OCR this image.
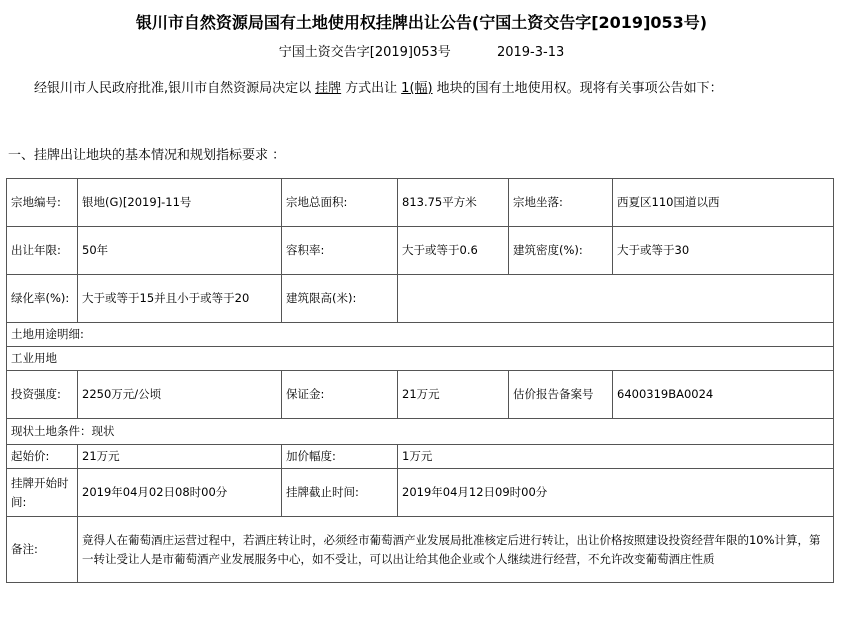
银川市自然资源局国有土地使用权挂牌出让公告(宁国土资交告字[2019]053号)
宁国土资交告字[2019]053号	2019-3-13
经银川市人民政府批准,银川市自然资源局决定以 挂牌 方式出让 1(幅) 地块的国有土地使用权。现将有关事项公告如下：
一、挂牌出让地块的基本情况和规划指标要求 ：
宗地编号:	银地(G)[2019]-11号	宗地总面积:	813.75平方米	宗地坐落:	西夏区110国道以西
出让年限:	50年	容积率:	大于或等于0.6	建筑密度(%):	大于或等于30
绿化率(%):	大于或等于15并且小于或等于20	建筑限高(米):			
土地用途明细:					
工业用地					
投资强度:	2250万元/公顷	保证金:	21万元	估价报告备案号	6400319BA0024
现状土地条件：现状					
起始价:	21万元	加价幅度:	1万元		
挂牌开始时间:	2019年04月02日08时00分	挂牌截止时间:	2019年04月12日09时00分		
备注:	竟得人在葡萄酒庄运营过程中，若酒庄转让时，必须经市葡萄酒产业发展局批准核定后进行转让，出让价格按照建设投资经营年限的10%计算，第一转让受让人是市葡萄酒产业发展服务中心，如不受让，可以出让给其他企业或个人继续进行经营，不允许改变葡萄酒庄性质				
